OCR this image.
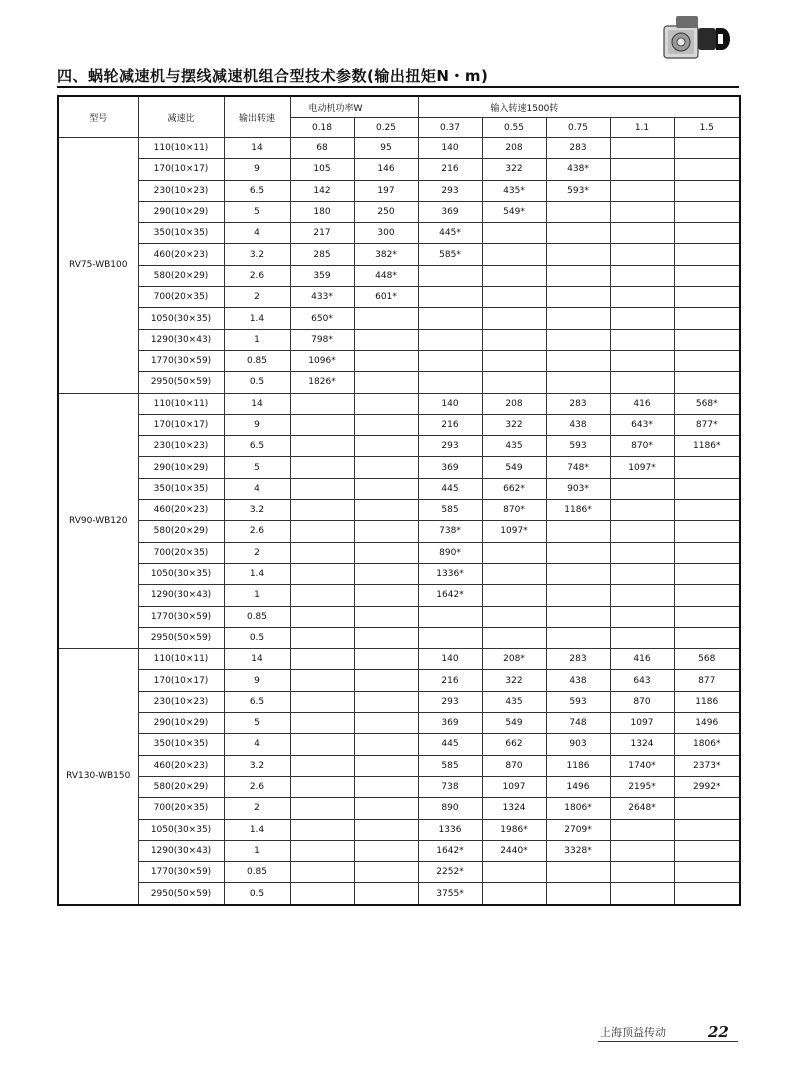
四、蜗轮减速机与摆线减速机组合型技术参数(输出扭矩N・m)
型号	减速比	输出转速	电动机功率W		输入转速1500转				
			0.18	0.25	0.37	0.55	0.75	1.1	1.5
RV75-WB100	110(10×11)	14	68	95	140	208	283		
	170(10×17)	9	105	146	216	322	438*		
	230(10×23)	6.5	142	197	293	435*	593*		
	290(10×29)	5	180	250	369	549*			
	350(10×35)	4	217	300	445*				
	460(20×23)	3.2	285	382*	585*				
	580(20×29)	2.6	359	448*					
	700(20×35)	2	433*	601*					
	1050(30×35)	1.4	650*						
	1290(30×43)	1	798*						
	1770(30×59)	0.85	1096*						
	2950(50×59)	0.5	1826*						
RV90-WB120	110(10×11)	14			140	208	283	416	568*
	170(10×17)	9			216	322	438	643*	877*
	230(10×23)	6.5			293	435	593	870*	1186*
	290(10×29)	5			369	549	748*	1097*	
	350(10×35)	4			445	662*	903*		
	460(20×23)	3.2			585	870*	1186*		
	580(20×29)	2.6			738*	1097*			
	700(20×35)	2			890*				
	1050(30×35)	1.4			1336*				
	1290(30×43)	1			1642*				
	1770(30×59)	0.85							
	2950(50×59)	0.5							
RV130-WB150	110(10×11)	14			140	208*	283	416	568
	170(10×17)	9			216	322	438	643	877
	230(10×23)	6.5			293	435	593	870	1186
	290(10×29)	5			369	549	748	1097	1496
	350(10×35)	4			445	662	903	1324	1806*
	460(20×23)	3.2			585	870	1186	1740*	2373*
	580(20×29)	2.6			738	1097	1496	2195*	2992*
	700(20×35)	2			890	1324	1806*	2648*	
	1050(30×35)	1.4			1336	1986*	2709*		
	1290(30×43)	1			1642*	2440*	3328*		
	1770(30×59)	0.85			2252*				
	2950(50×59)	0.5			3755*				
上海顶益传动	22
